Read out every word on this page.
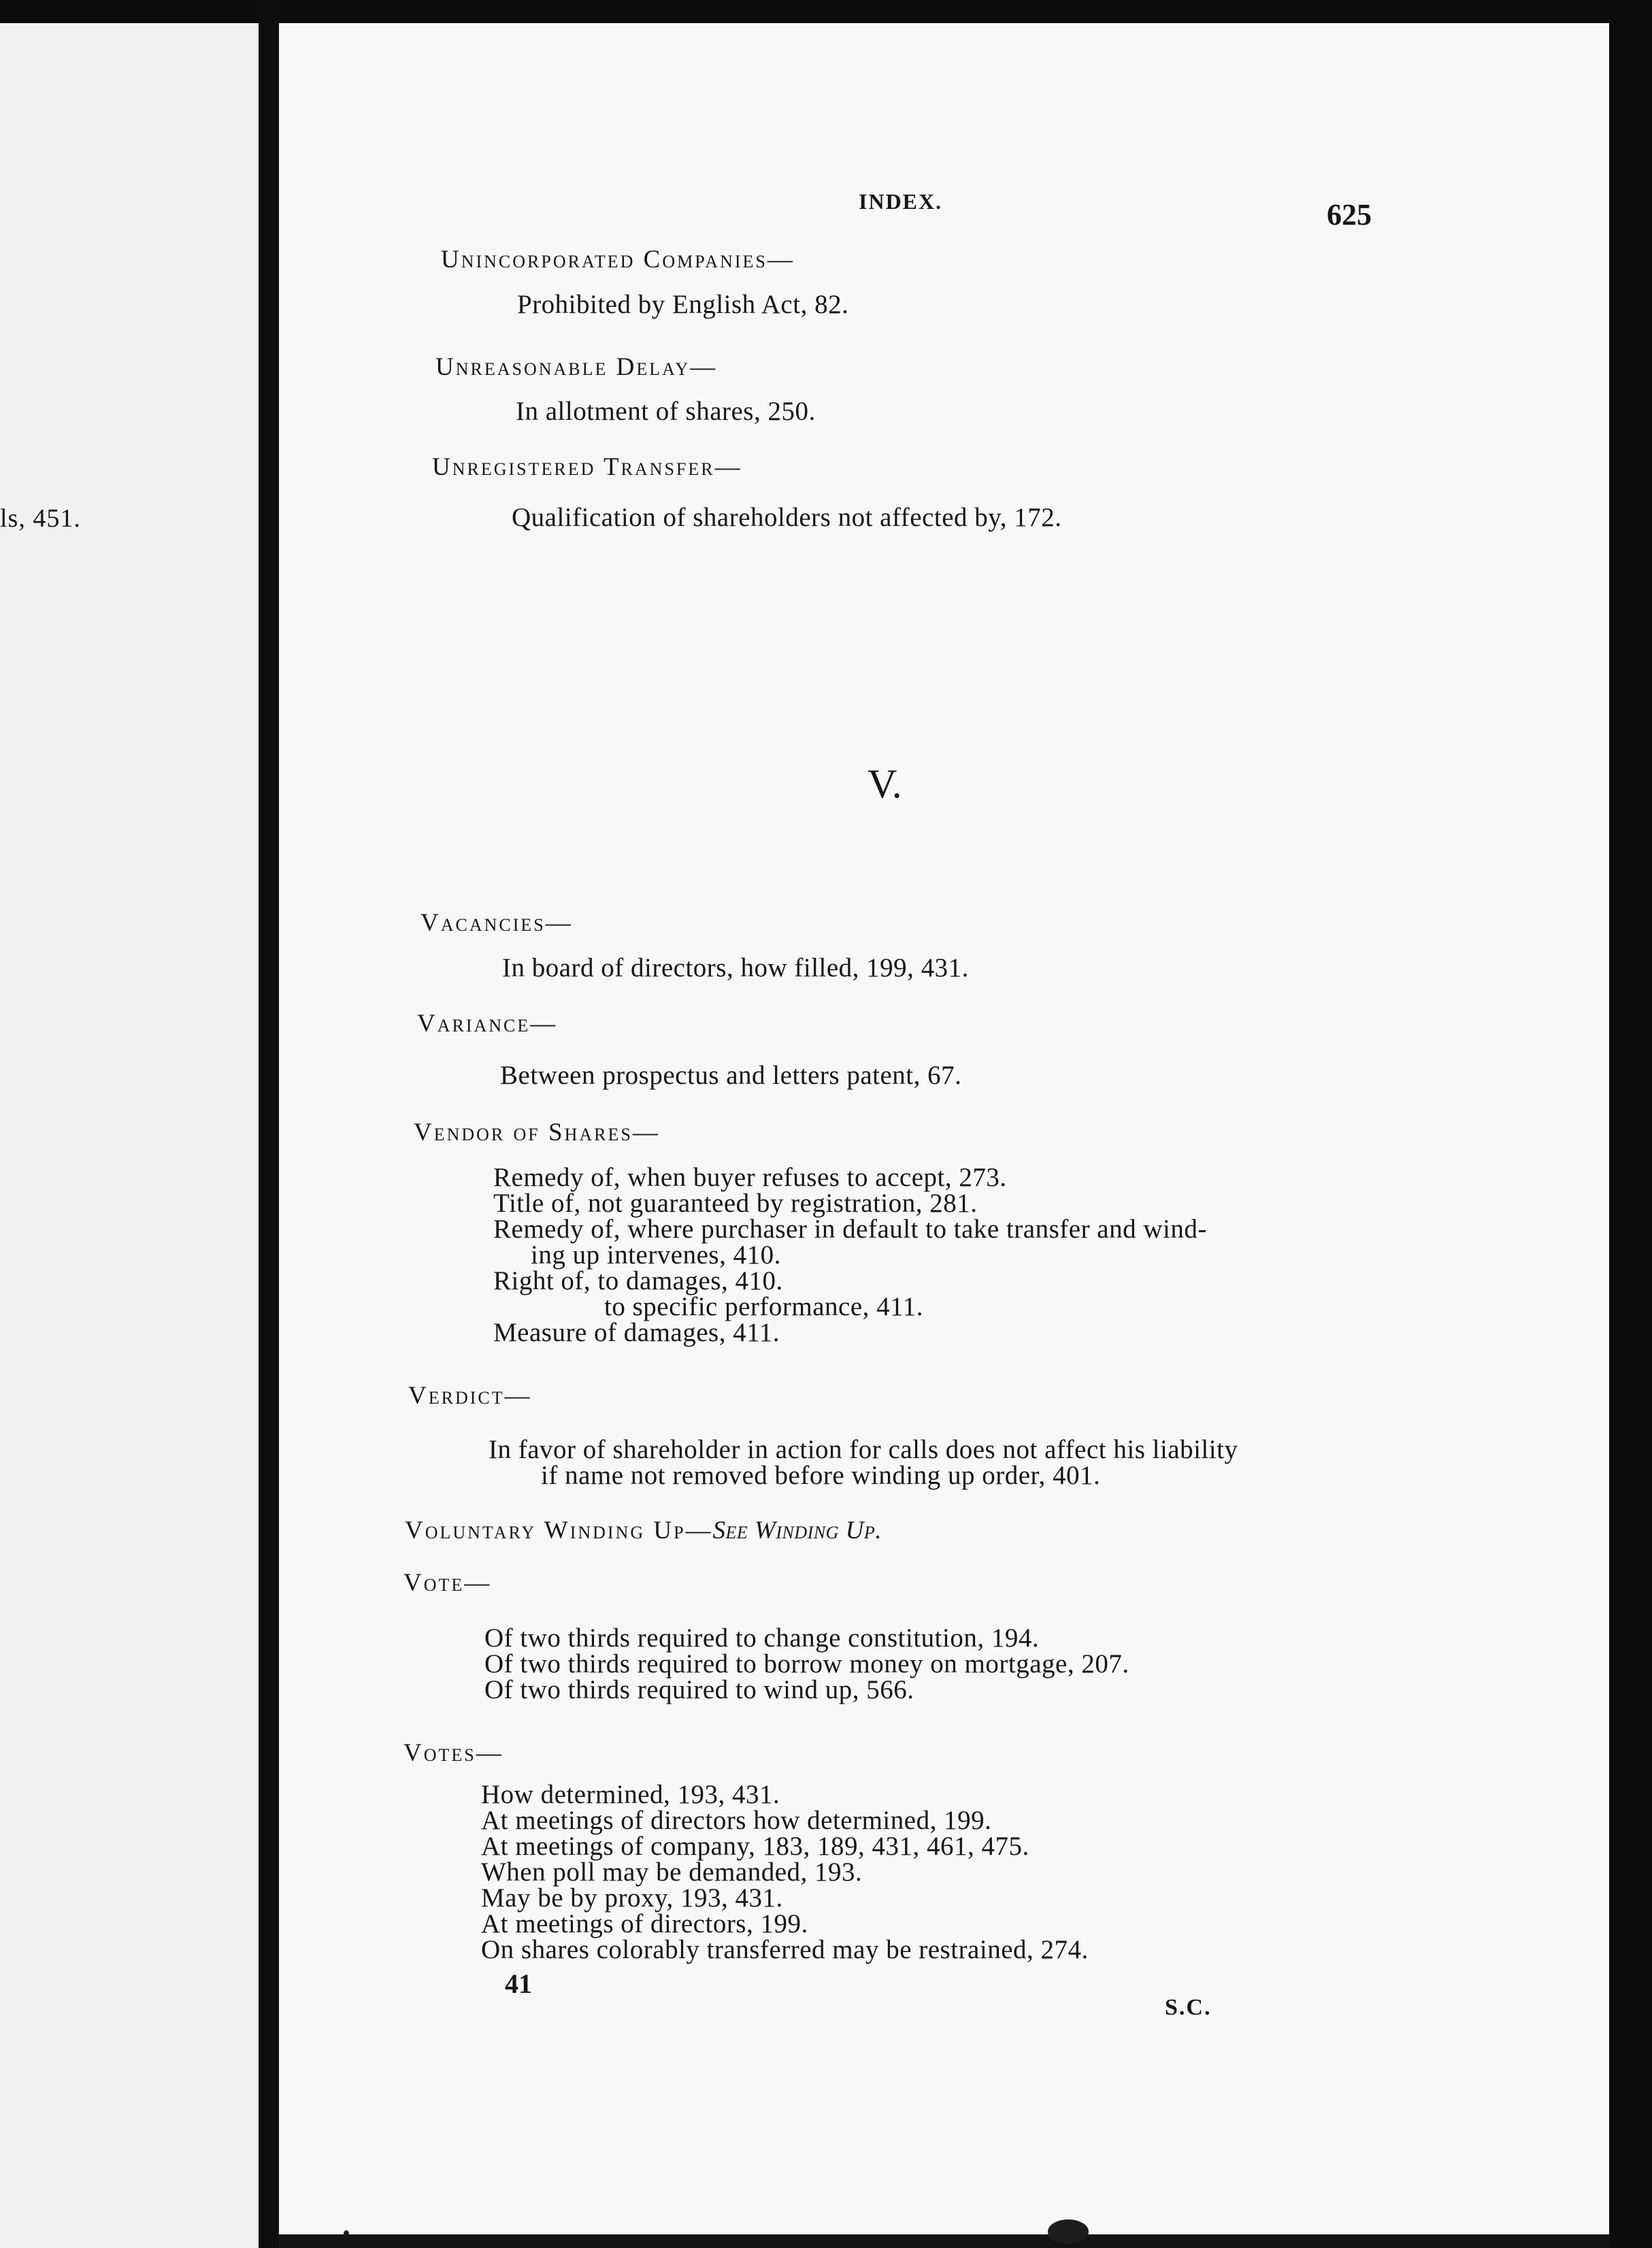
ls, 451.
INDEX.	625
Unincorporated Companies—
Prohibited by English Act, 82.
Unreasonable Delay—
In allotment of shares, 250.
Unregistered Transfer—
Qualification of shareholders not affected by, 172.
V.
Vacancies—
In board of directors, how filled, 199, 431.
Variance—
Between prospectus and letters patent, 67.
Vendor of Shares—
Remedy of, when buyer refuses to accept, 273.
Title of, not guaranteed by registration, 281.
Remedy of, where purchaser in default to take transfer and wind-
ing up intervenes, 410.
Right of, to damages, 410.
to specific performance, 411.
Measure of damages, 411.
Verdict—
In favor of shareholder in action for calls does not affect his liability
if name not removed before winding up order, 401.
Voluntary Winding Up—See Winding Up.
Vote—
Of two thirds required to change constitution, 194.
Of two thirds required to borrow money on mortgage, 207.
Of two thirds required to wind up, 566.
Votes—
How determined, 193, 431.
At meetings of directors how determined, 199.
At meetings of company, 183, 189, 431, 461, 475.
When poll may be demanded, 193.
May be by proxy, 193, 431.
At meetings of directors, 199.
On shares colorably transferred may be restrained, 274.
41
S.C.
